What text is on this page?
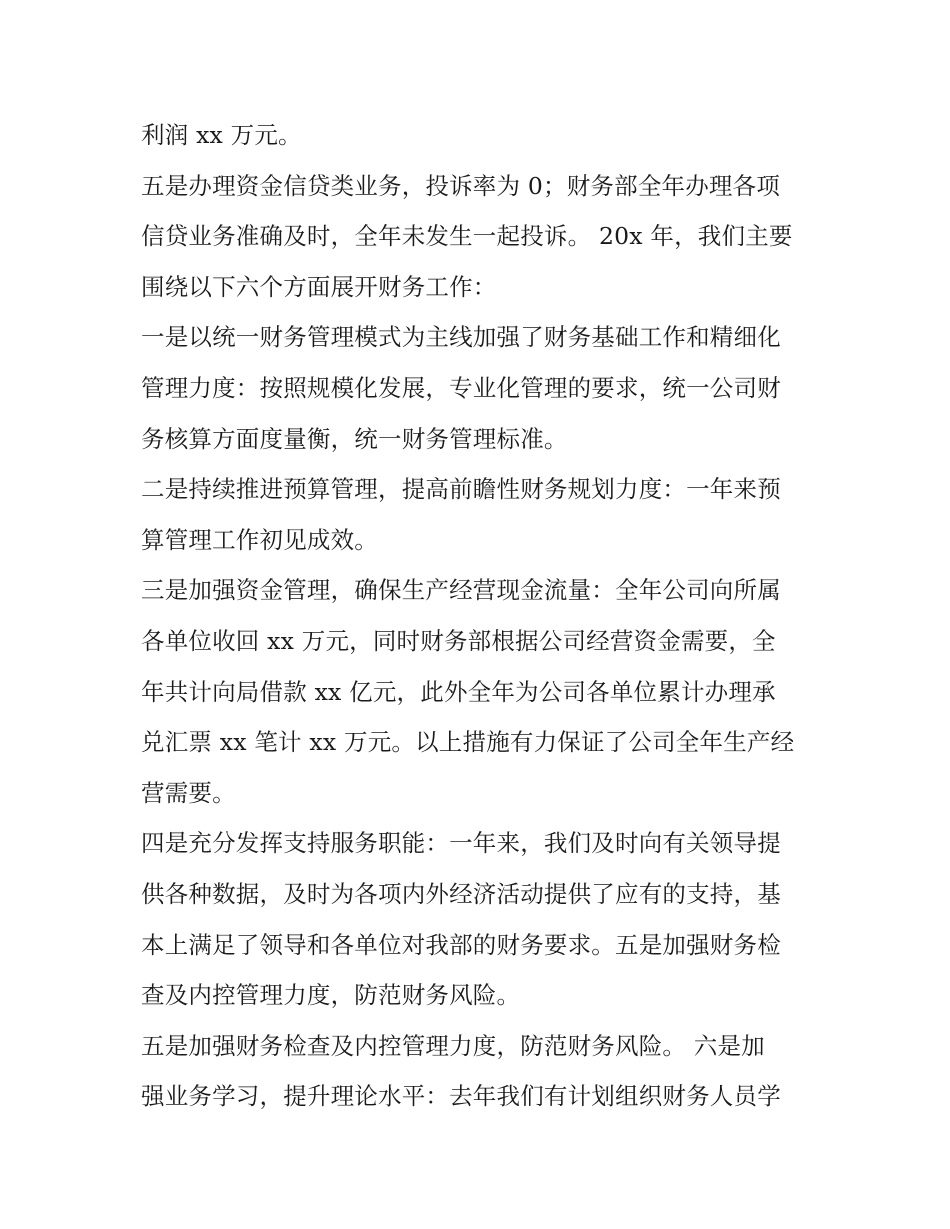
利润 xx 万元。
五是办理资金信贷类业务，投诉率为 0；财务部全年办理各项
信贷业务准确及时，全年未发生一起投诉。 20x 年，我们主要
围绕以下六个方面展开财务工作：
一是以统一财务管理模式为主线加强了财务基础工作和精细化
管理力度：按照规模化发展，专业化管理的要求，统一公司财
务核算方面度量衡，统一财务管理标准。
二是持续推进预算管理，提高前瞻性财务规划力度：一年来预
算管理工作初见成效。
三是加强资金管理，确保生产经营现金流量：全年公司向所属
各单位收回 xx 万元，同时财务部根据公司经营资金需要，全
年共计向局借款 xx 亿元，此外全年为公司各单位累计办理承
兑汇票 xx 笔计 xx 万元。以上措施有力保证了公司全年生产经
营需要。
四是充分发挥支持服务职能：一年来，我们及时向有关领导提
供各种数据，及时为各项内外经济活动提供了应有的支持，基
本上满足了领导和各单位对我部的财务要求。五是加强财务检
查及内控管理力度，防范财务风险。
五是加强财务检查及内控管理力度，防范财务风险。 六是加
强业务学习，提升理论水平：去年我们有计划组织财务人员学
